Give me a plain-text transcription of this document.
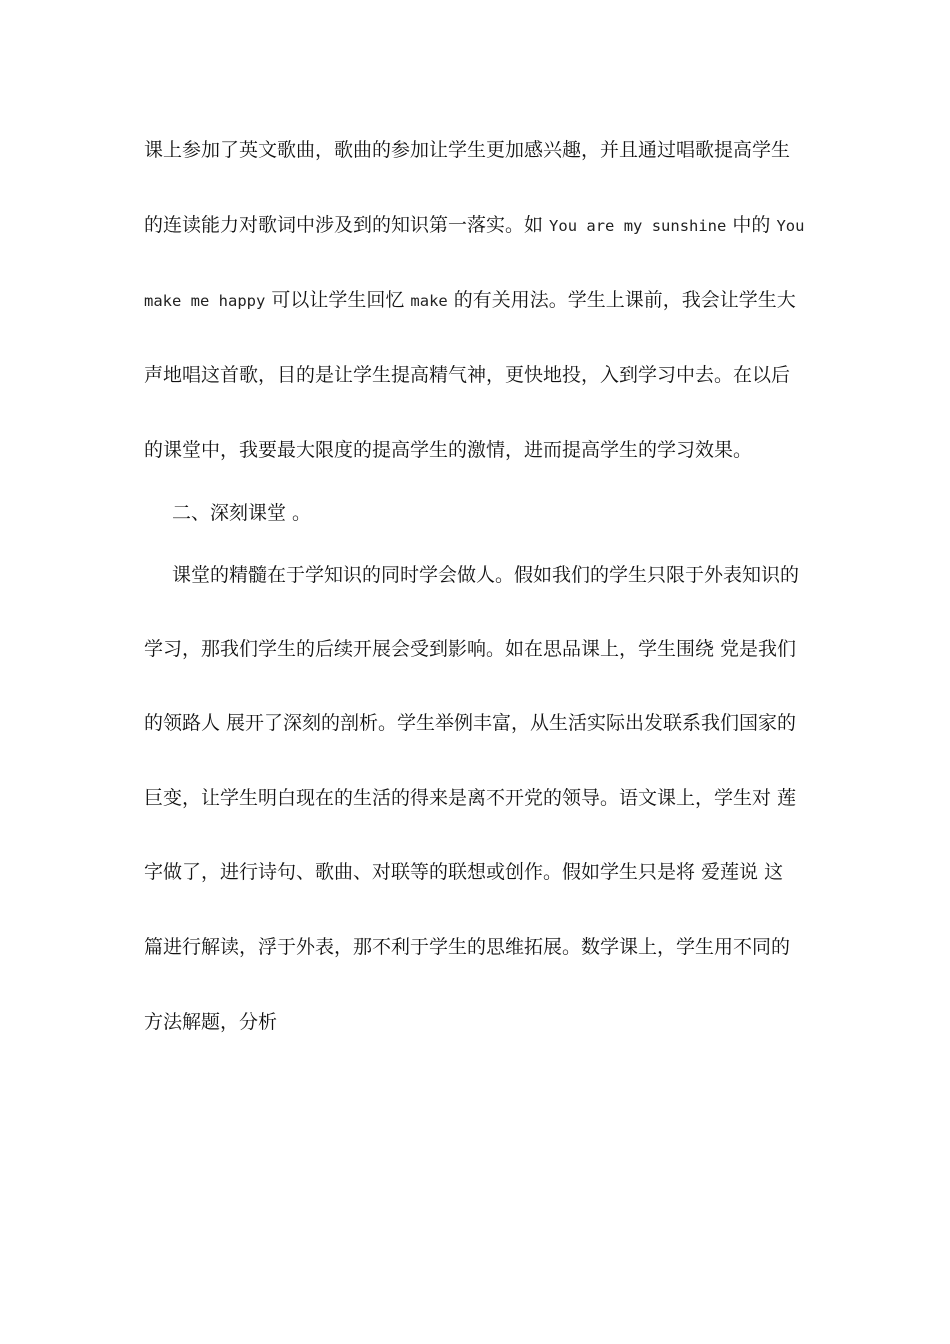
课上参加了英文歌曲，歌曲的参加让学生更加感兴趣，并且通过唱歌提高学生
的连读能力对歌词中涉及到的知识第一落实。如 You are my sunshine 中的 You
make me happy 可以让学生回忆 make 的有关用法。学生上课前，我会让学生大
声地唱这首歌，目的是让学生提高精气神，更快地投，入到学习中去。在以后
的课堂中，我要最大限度的提高学生的激情，进而提高学生的学习效果。
二、深刻课堂 。
课堂的精髓在于学知识的同时学会做人。假如我们的学生只限于外表知识的
学习，那我们学生的后续开展会受到影响。如在思品课上，学生围绕 党是我们
的领路人 展开了深刻的剖析。学生举例丰富，从生活实际出发联系我们国家的
巨变，让学生明白现在的生活的得来是离不开党的领导。语文课上，学生对 莲
字做了，进行诗句、歌曲、对联等的联想或创作。假如学生只是将 爱莲说 这
篇进行解读，浮于外表，那不利于学生的思维拓展。数学课上，学生用不同的
方法解题，分析
